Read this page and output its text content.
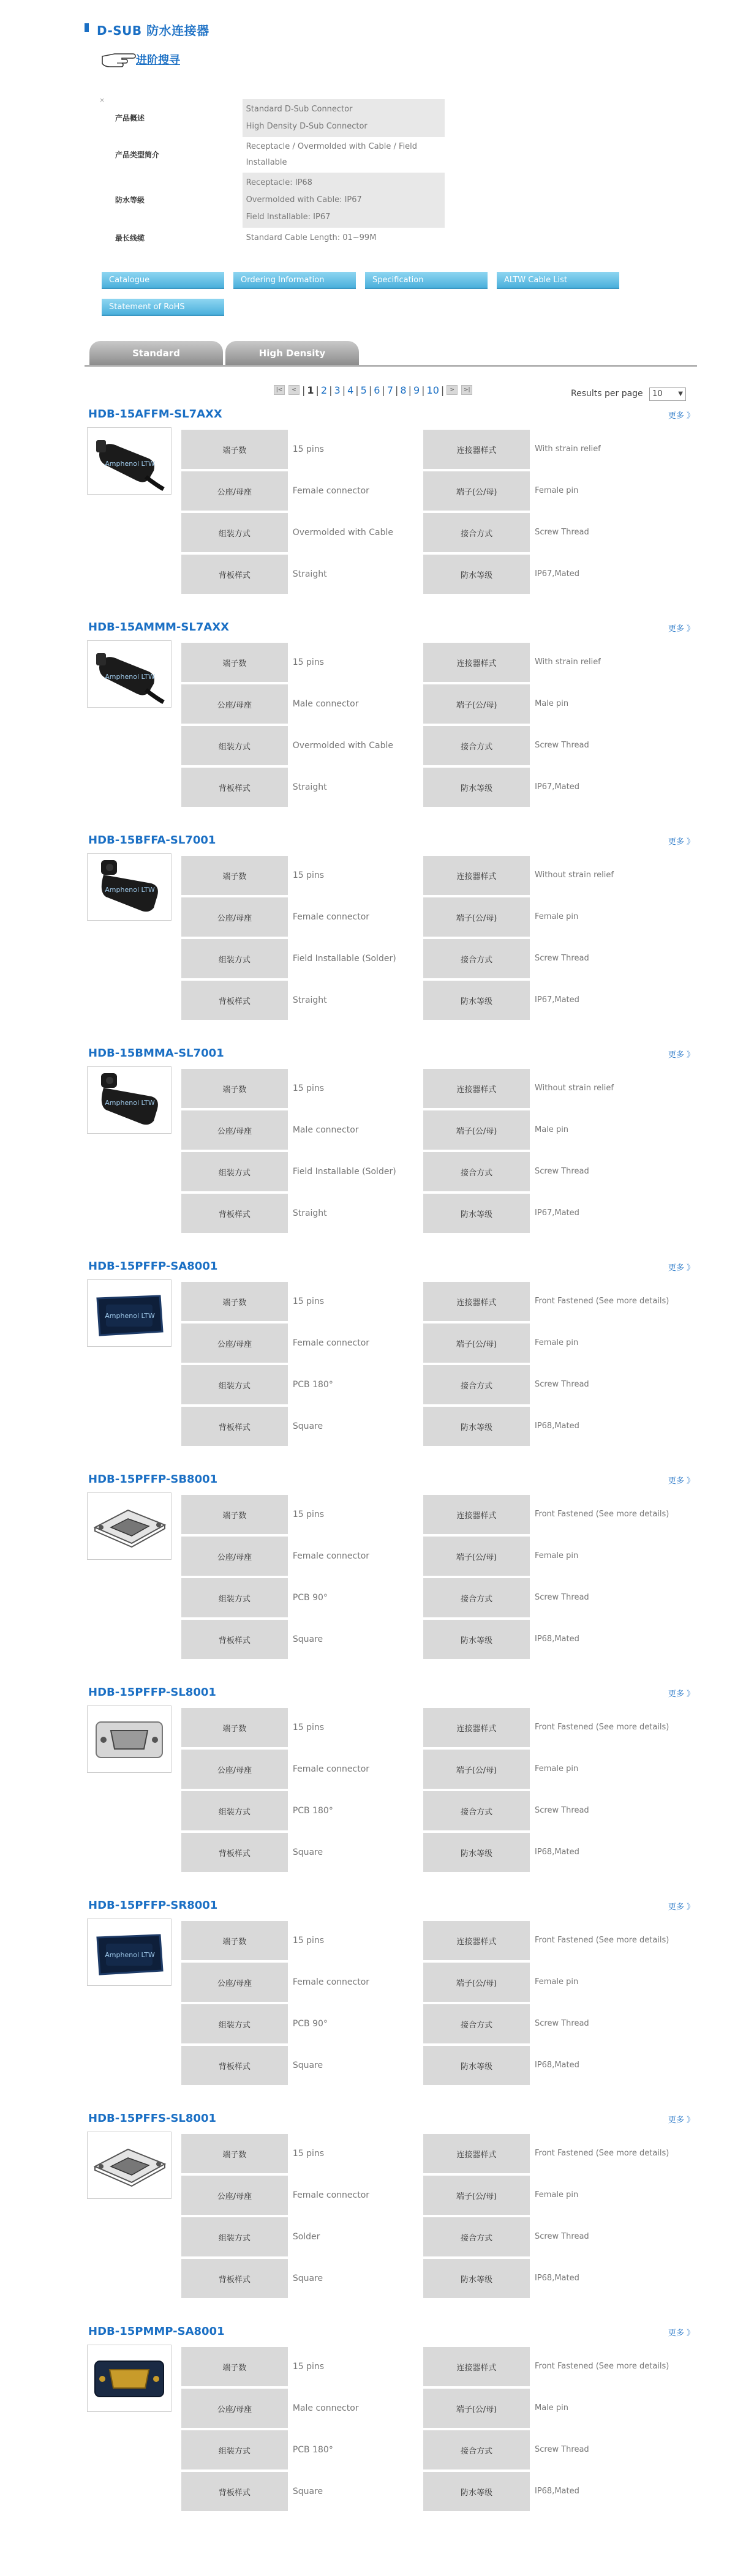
D-SUB 防水连接器
进阶搜寻
×
产品概述	Standard D-Sub Connector
High Density D-Sub Connector

产品类型简介	Receptacle / Overmolded with Cable / Field Installable

防水等级	Receptacle: IP68
Overmolded with Cable: IP67
Field Installable: IP67

最长线缆	Standard Cable Length: 01~99M
Catalogue	Ordering Information	Specification	ALTW Cable List
Statement of RoHS
Standard	High Density
|<	< | 1 | 2 | 3 | 4 | 5 | 6 | 7 | 8 | 9 | 10 |	>	>|	Results per page	10	▼
HDB-15AFFM-SL7AXX	更多 》
Amphenol LTW
端子数	15 pins		连接器样式	With strain relief
公座/母座	Female connector		端子(公/母)	Female pin
组装方式	Overmolded with Cable		接合方式	Screw Thread
背板样式	Straight		防水等级	IP67,Mated
HDB-15AMMM-SL7AXX	更多 》
Amphenol LTW
端子数	15 pins		连接器样式	With strain relief
公座/母座	Male connector		端子(公/母)	Male pin
组装方式	Overmolded with Cable		接合方式	Screw Thread
背板样式	Straight		防水等级	IP67,Mated
HDB-15BFFA-SL7001	更多 》
Amphenol LTW
端子数	15 pins		连接器样式	Without strain relief
公座/母座	Female connector		端子(公/母)	Female pin
组装方式	Field Installable (Solder)		接合方式	Screw Thread
背板样式	Straight		防水等级	IP67,Mated
HDB-15BMMA-SL7001	更多 》
Amphenol LTW
端子数	15 pins		连接器样式	Without strain relief
公座/母座	Male connector		端子(公/母)	Male pin
组装方式	Field Installable (Solder)		接合方式	Screw Thread
背板样式	Straight		防水等级	IP67,Mated
HDB-15PFFP-SA8001	更多 》
Amphenol LTW
端子数	15 pins		连接器样式	Front Fastened (See more details)
公座/母座	Female connector		端子(公/母)	Female pin
组装方式	PCB 180°		接合方式	Screw Thread
背板样式	Square		防水等级	IP68,Mated
HDB-15PFFP-SB8001	更多 》
端子数	15 pins		连接器样式	Front Fastened (See more details)
公座/母座	Female connector		端子(公/母)	Female pin
组装方式	PCB 90°		接合方式	Screw Thread
背板样式	Square		防水等级	IP68,Mated
HDB-15PFFP-SL8001	更多 》
端子数	15 pins		连接器样式	Front Fastened (See more details)
公座/母座	Female connector		端子(公/母)	Female pin
组装方式	PCB 180°		接合方式	Screw Thread
背板样式	Square		防水等级	IP68,Mated
HDB-15PFFP-SR8001	更多 》
Amphenol LTW
端子数	15 pins		连接器样式	Front Fastened (See more details)
公座/母座	Female connector		端子(公/母)	Female pin
组装方式	PCB 90°		接合方式	Screw Thread
背板样式	Square		防水等级	IP68,Mated
HDB-15PFFS-SL8001	更多 》
端子数	15 pins		连接器样式	Front Fastened (See more details)
公座/母座	Female connector		端子(公/母)	Female pin
组装方式	Solder		接合方式	Screw Thread
背板样式	Square		防水等级	IP68,Mated
HDB-15PMMP-SA8001	更多 》
端子数	15 pins		连接器样式	Front Fastened (See more details)
公座/母座	Male connector		端子(公/母)	Male pin
组装方式	PCB 180°		接合方式	Screw Thread
背板样式	Square		防水等级	IP68,Mated
